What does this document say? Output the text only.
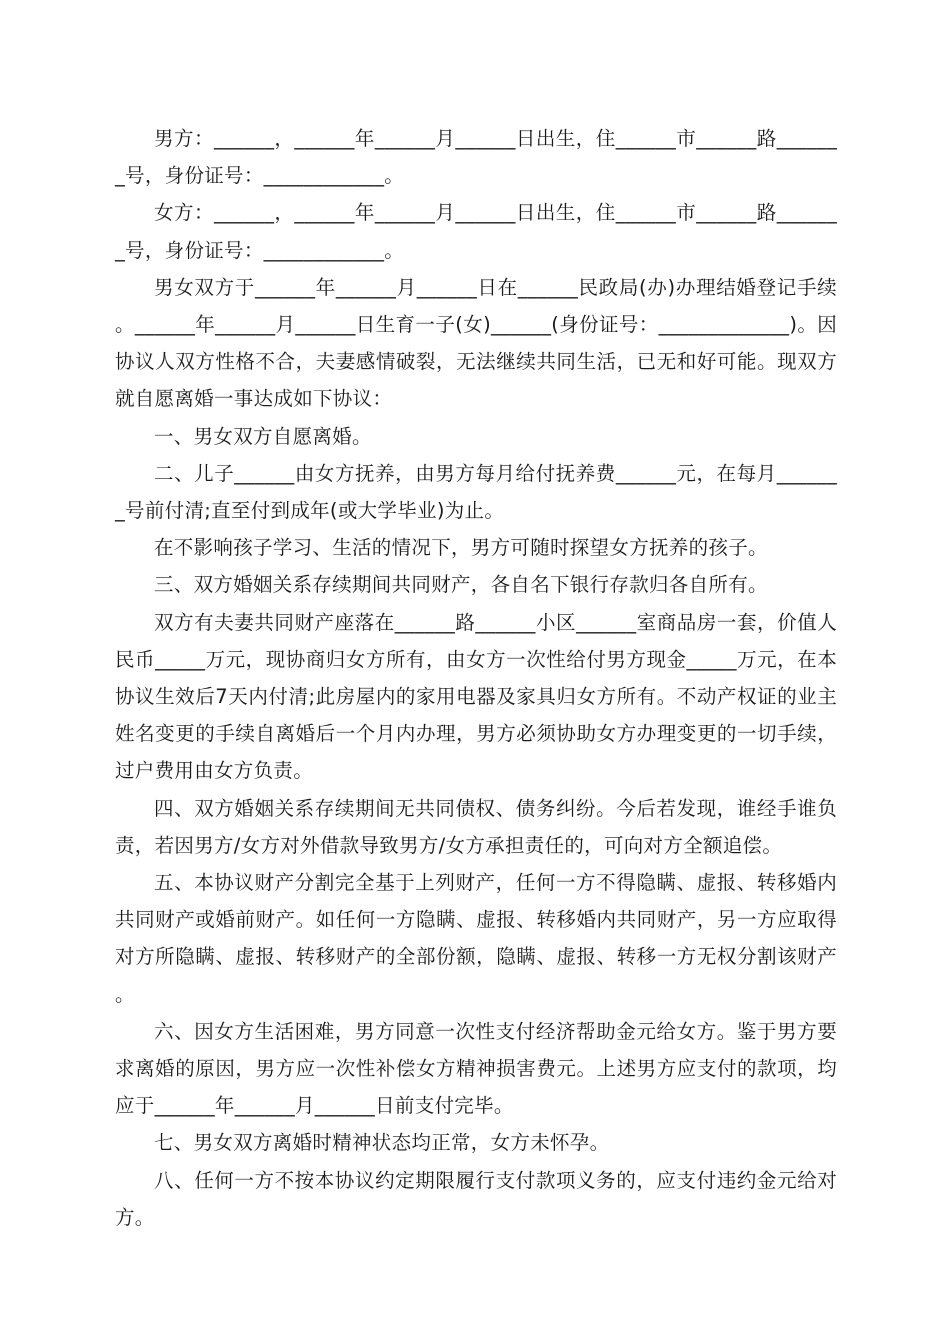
男方：______，______年______月______日出生，住______市______路_______号，身份证号：____________。

女方：______，______年______月______日出生，住______市______路_______号，身份证号：____________。

男女双方于______年______月______日在______民政局(办)办理结婚登记手续。______年______月______日生育一子(女)______(身份证号：_____________)。因协议人双方性格不合，夫妻感情破裂，无法继续共同生活，已无和好可能。现双方就自愿离婚一事达成如下协议：

一、男女双方自愿离婚。

二、儿子______由女方抚养，由男方每月给付抚养费______元，在每月_______号前付清;直至付到成年(或大学毕业)为止。

在不影响孩子学习、生活的情况下，男方可随时探望女方抚养的孩子。

三、双方婚姻关系存续期间共同财产，各自名下银行存款归各自所有。

双方有夫妻共同财产座落在______路______小区______室商品房一套，价值人民币_____万元，现协商归女方所有，由女方一次性给付男方现金_____万元，在本协议生效后7天内付清;此房屋内的家用电器及家具归女方所有。不动产权证的业主姓名变更的手续自离婚后一个月内办理，男方必须协助女方办理变更的一切手续，过户费用由女方负责。

四、双方婚姻关系存续期间无共同债权、债务纠纷。今后若发现，谁经手谁负责，若因男方/女方对外借款导致男方/女方承担责任的，可向对方全额追偿。

五、本协议财产分割完全基于上列财产，任何一方不得隐瞒、虚报、转移婚内共同财产或婚前财产。如任何一方隐瞒、虚报、转移婚内共同财产，另一方应取得对方所隐瞒、虚报、转移财产的全部份额，隐瞒、虚报、转移一方无权分割该财产。

六、因女方生活困难，男方同意一次性支付经济帮助金元给女方。鉴于男方要求离婚的原因，男方应一次性补偿女方精神损害费元。上述男方应支付的款项，均应于______年______月______日前支付完毕。

七、男女双方离婚时精神状态均正常，女方未怀孕。

八、任何一方不按本协议约定期限履行支付款项义务的，应支付违约金元给对方。
